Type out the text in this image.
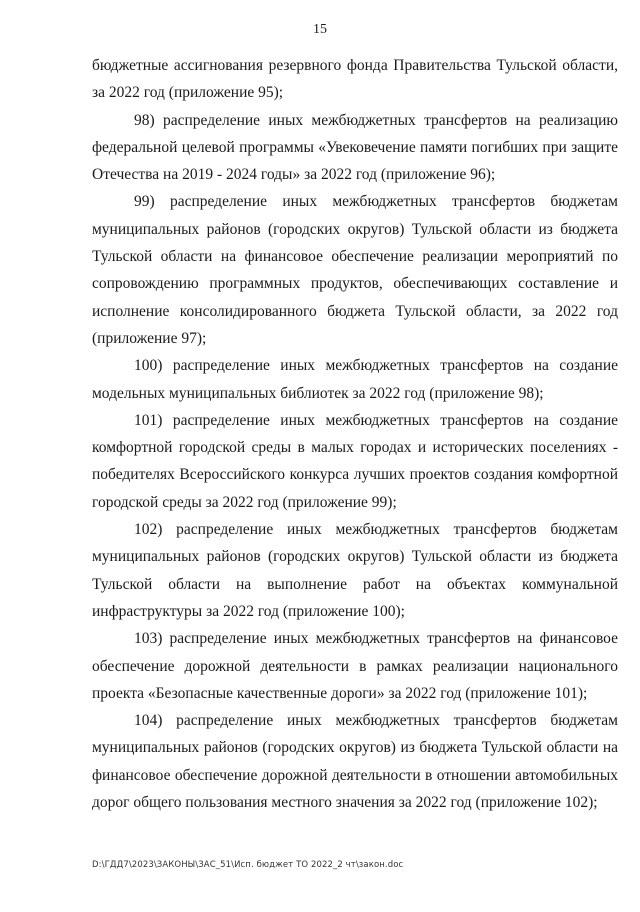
15

бюджетные ассигнования резервного фонда Правительства Тульской области, за 2022 год (приложение 95);

98) распределение иных межбюджетных трансфертов на реализацию федеральной целевой программы «Увековечение памяти погибших при защите Отечества на 2019 - 2024 годы» за 2022 год (приложение 96);

99) распределение иных межбюджетных трансфертов бюджетам муниципальных районов (городских округов) Тульской области из бюджета Тульской области на финансовое обеспечение реализации мероприятий по сопровождению программных продуктов, обеспечивающих составление и исполнение консолидированного бюджета Тульской области, за 2022 год (приложение 97);

100) распределение иных межбюджетных трансфертов на создание модельных муниципальных библиотек за 2022 год (приложение 98);

101) распределение иных межбюджетных трансфертов на создание комфортной городской среды в малых городах и исторических поселениях - победителях Всероссийского конкурса лучших проектов создания комфортной городской среды за 2022 год (приложение 99);

102) распределение иных межбюджетных трансфертов бюджетам муниципальных районов (городских округов) Тульской области из бюджета Тульской области на выполнение работ на объектах коммунальной инфраструктуры за 2022 год (приложение 100);

103) распределение иных межбюджетных трансфертов на финансовое обеспечение дорожной деятельности в рамках реализации национального проекта «Безопасные качественные дороги» за 2022 год (приложение 101);

104) распределение иных межбюджетных трансфертов бюджетам муниципальных районов (городских округов) из бюджета Тульской области на финансовое обеспечение дорожной деятельности в отношении автомобильных дорог общего пользования местного значения за 2022 год (приложение 102);

D:\ГДД7\2023\ЗАКОНЫ\ЗАС_51\Исп. бюджет ТО 2022_2 чт\закон.doc
